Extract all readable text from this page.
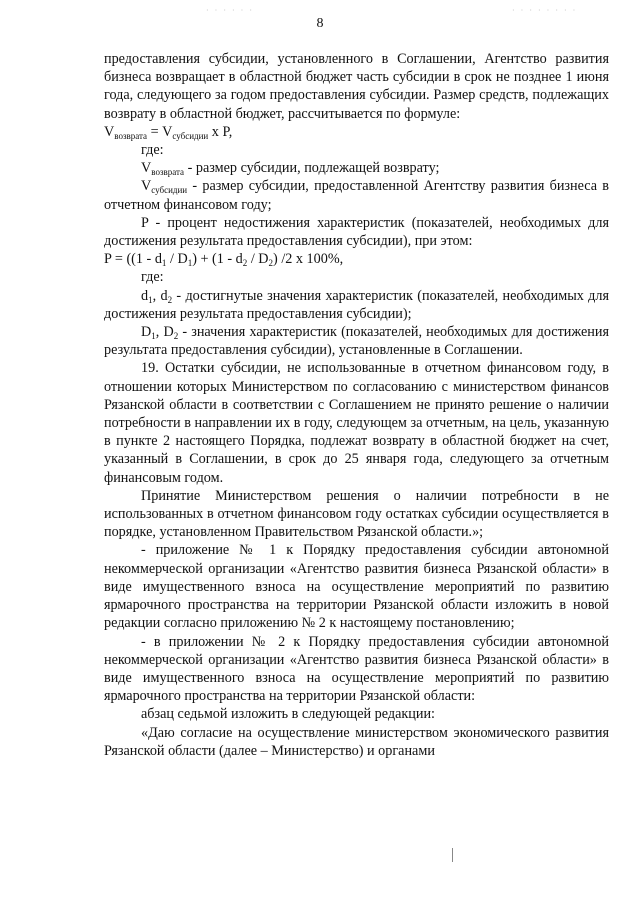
· · · · · ·	· · · · · · · ·
8

предоставления субсидии, установленного в Соглашении, Агентство развития бизнеса возвращает в областной бюджет часть субсидии в срок не позднее 1 июня года, следующего за годом предоставления субсидии. Размер средств, подлежащих возврату в областной бюджет, рассчитывается по формуле:

$V_{возврата} = V_{субсидии}$ x P,

где:

$V_{возврата}$ - размер субсидии, подлежащей возврату;

$V_{субсидии}$ - размер субсидии, предоставленной Агентству развития бизнеса в отчетном финансовом году;

P - процент недостижения характеристик (показателей, необходимых для достижения результата предоставления субсидии), при этом:

$P = ((1 - d_1 / D_1) + (1 - d_2 / D_2)$ /2 x 100%,

где:

$d_1$, $d_2$ - достигнутые значения характеристик (показателей, необходимых для достижения результата предоставления субсидии);

$D_1$, $D_2$ - значения характеристик (показателей, необходимых для достижения результата предоставления субсидии), установленные в Соглашении.

19. Остатки субсидии, не использованные в отчетном финансовом году, в отношении которых Министерством по согласованию с министерством финансов Рязанской области в соответствии с Соглашением не принято решение о наличии потребности в направлении их в году, следующем за отчетным, на цель, указанную в пункте 2 настоящего Порядка, подлежат возврату в областной бюджет на счет, указанный в Соглашении, в срок до 25 января года, следующего за отчетным финансовым годом.

Принятие Министерством решения о наличии потребности в не использованных в отчетном финансовом году остатках субсидии осуществляется в порядке, установленном Правительством Рязанской области.»;

- приложение № 1 к Порядку предоставления субсидии автономной некоммерческой организации «Агентство развития бизнеса Рязанской области» в виде имущественного взноса на осуществление мероприятий по развитию ярмарочного пространства на территории Рязанской области изложить в новой редакции согласно приложению № 2 к настоящему постановлению;

- в приложении № 2 к Порядку предоставления субсидии автономной некоммерческой организации «Агентство развития бизнеса Рязанской области» в виде имущественного взноса на осуществление мероприятий по развитию ярмарочного пространства на территории Рязанской области:

абзац седьмой изложить в следующей редакции:

«Даю согласие на осуществление министерством экономического развития Рязанской области (далее – Министерство) и органами
